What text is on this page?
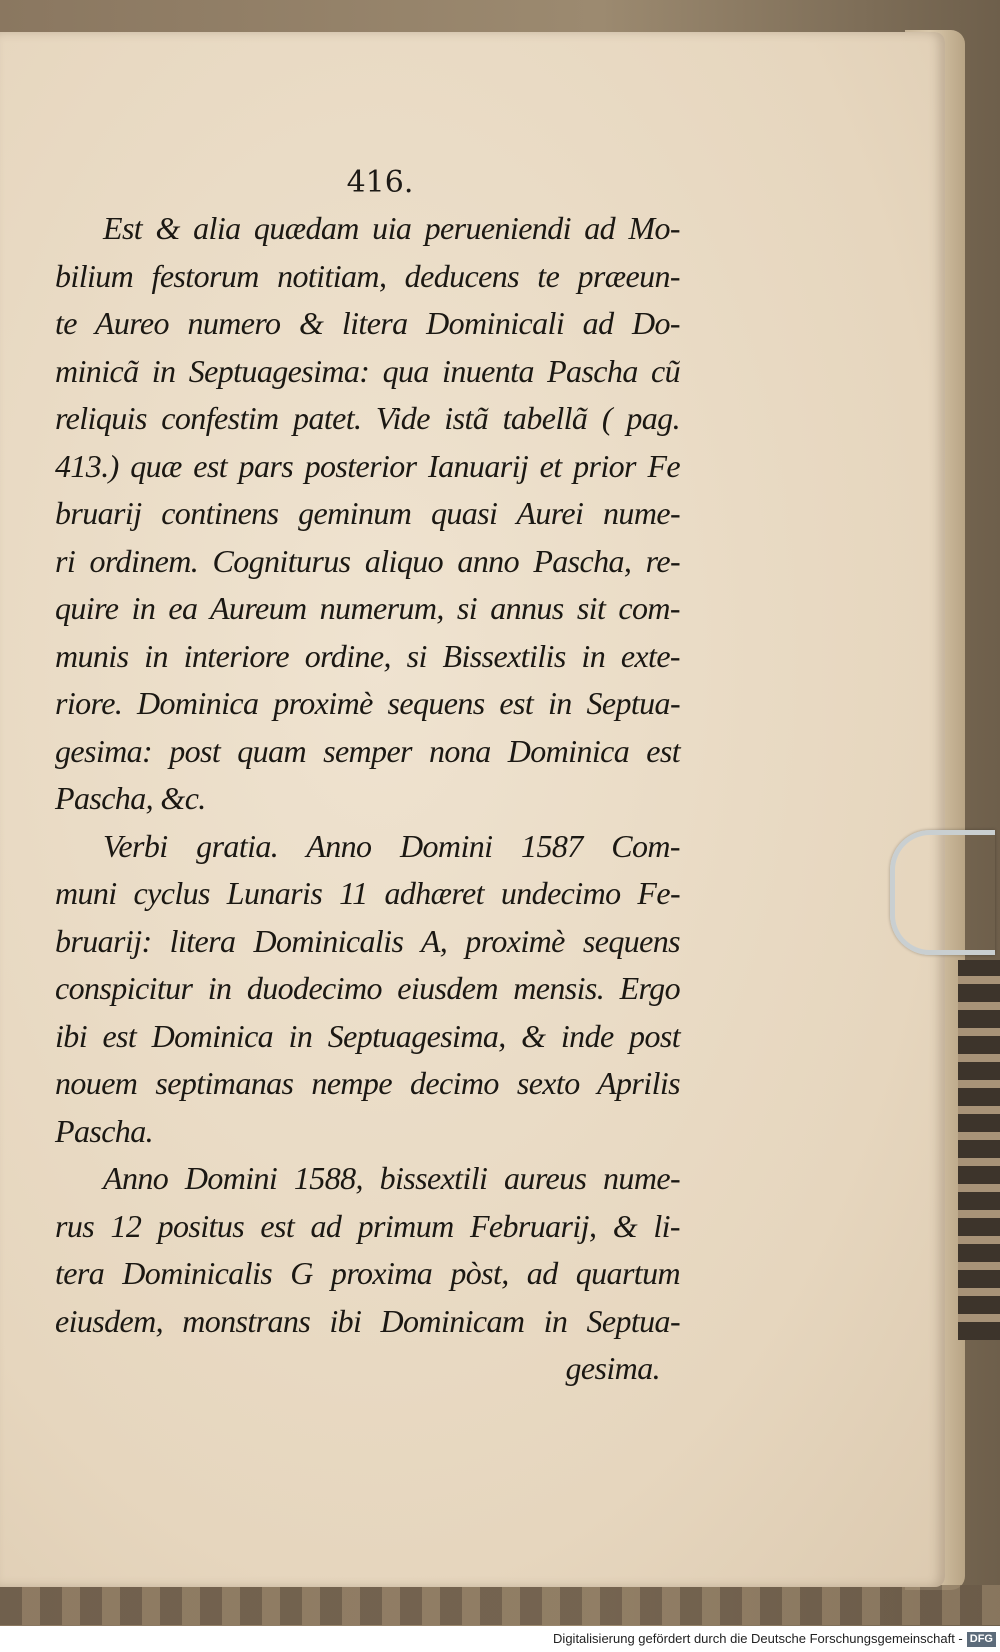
416.
Est & alia quædam uia perueniendi ad Mo-
bilium festorum notitiam, deducens te præeun-
te Aureo numero & litera Dominicali ad Do-
minicã in Septuagesima: qua inuenta Pascha cũ
reliquis confestim patet. Vide istã tabellã ( pag.
413.) quæ est pars posterior Ianuarij et prior Fe
bruarij continens geminum quasi Aurei nume-
ri ordinem. Cogniturus aliquo anno Pascha, re-
quire in ea Aureum numerum, si annus sit com-
munis in interiore ordine, si Bissextilis in exte-
riore. Dominica proximè sequens est in Septua-
gesima: post quam semper nona Dominica est
Pascha, &c.
Verbi gratia. Anno Domini 1587 Com-
muni cyclus Lunaris 11 adhæret undecimo Fe-
bruarij: litera Dominicalis A, proximè sequens
conspicitur in duodecimo eiusdem mensis. Ergo
ibi est Dominica in Septuagesima, & inde post
nouem septimanas nempe decimo sexto Aprilis
Pascha.
Anno Domini 1588, bissextili aureus nume-
rus 12 positus est ad primum Februarij, & li-
tera Dominicalis G proxima pòst, ad quartum
eiusdem, monstrans ibi Dominicam in Septua-
gesima.
Digitalisierung gefördert durch die Deutsche Forschungsgemeinschaft - DFG
